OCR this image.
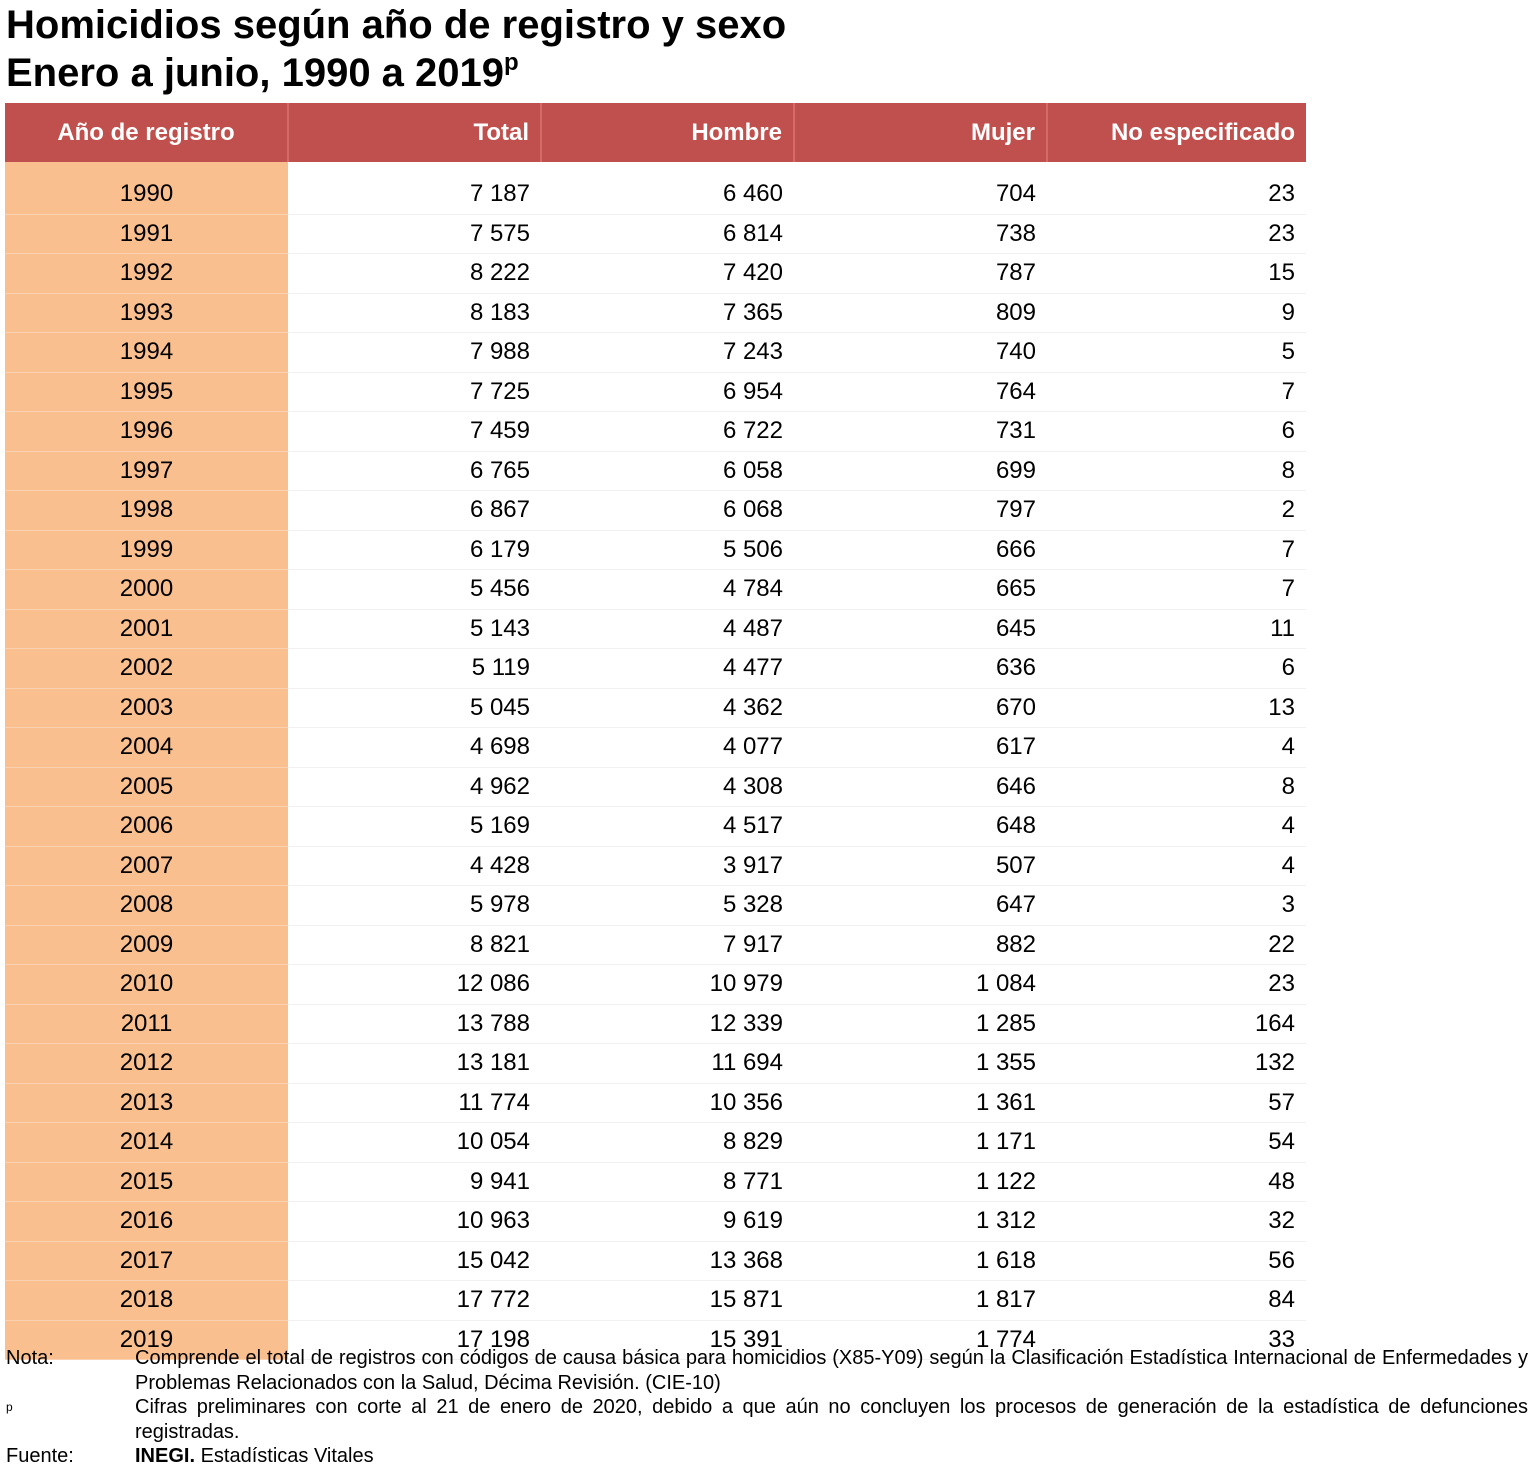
Homicidios según año de registro y sexo
Enero a junio, 1990 a 2019$^p$
Año de registro	Total	Hombre	Mujer	No especificado
1990	7 187	6 460	704	23
1991	7 575	6 814	738	23
1992	8 222	7 420	787	15
1993	8 183	7 365	809	9
1994	7 988	7 243	740	5
1995	7 725	6 954	764	7
1996	7 459	6 722	731	6
1997	6 765	6 058	699	8
1998	6 867	6 068	797	2
1999	6 179	5 506	666	7
2000	5 456	4 784	665	7
2001	5 143	4 487	645	11
2002	5 119	4 477	636	6
2003	5 045	4 362	670	13
2004	4 698	4 077	617	4
2005	4 962	4 308	646	8
2006	5 169	4 517	648	4
2007	4 428	3 917	507	4
2008	5 978	5 328	647	3
2009	8 821	7 917	882	22
2010	12 086	10 979	1 084	23
2011	13 788	12 339	1 285	164
2012	13 181	11 694	1 355	132
2013	11 774	10 356	1 361	57
2014	10 054	8 829	1 171	54
2015	9 941	8 771	1 122	48
2016	10 963	9 619	1 312	32
2017	15 042	13 368	1 618	56
2018	17 772	15 871	1 817	84
2019	17 198	15 391	1 774	33
Nota:	Comprende el total de registros con códigos de causa básica para homicidios (X85-Y09) según la Clasificación Estadística Internacional de Enfermedades y Problemas Relacionados con la Salud, Décima Revisión. (CIE-10)
p	Cifras preliminares con corte al 21 de enero de 2020, debido a que aún no concluyen los procesos de generación de la estadística de defunciones registradas.
Fuente:	INEGI. Estadísticas Vitales
